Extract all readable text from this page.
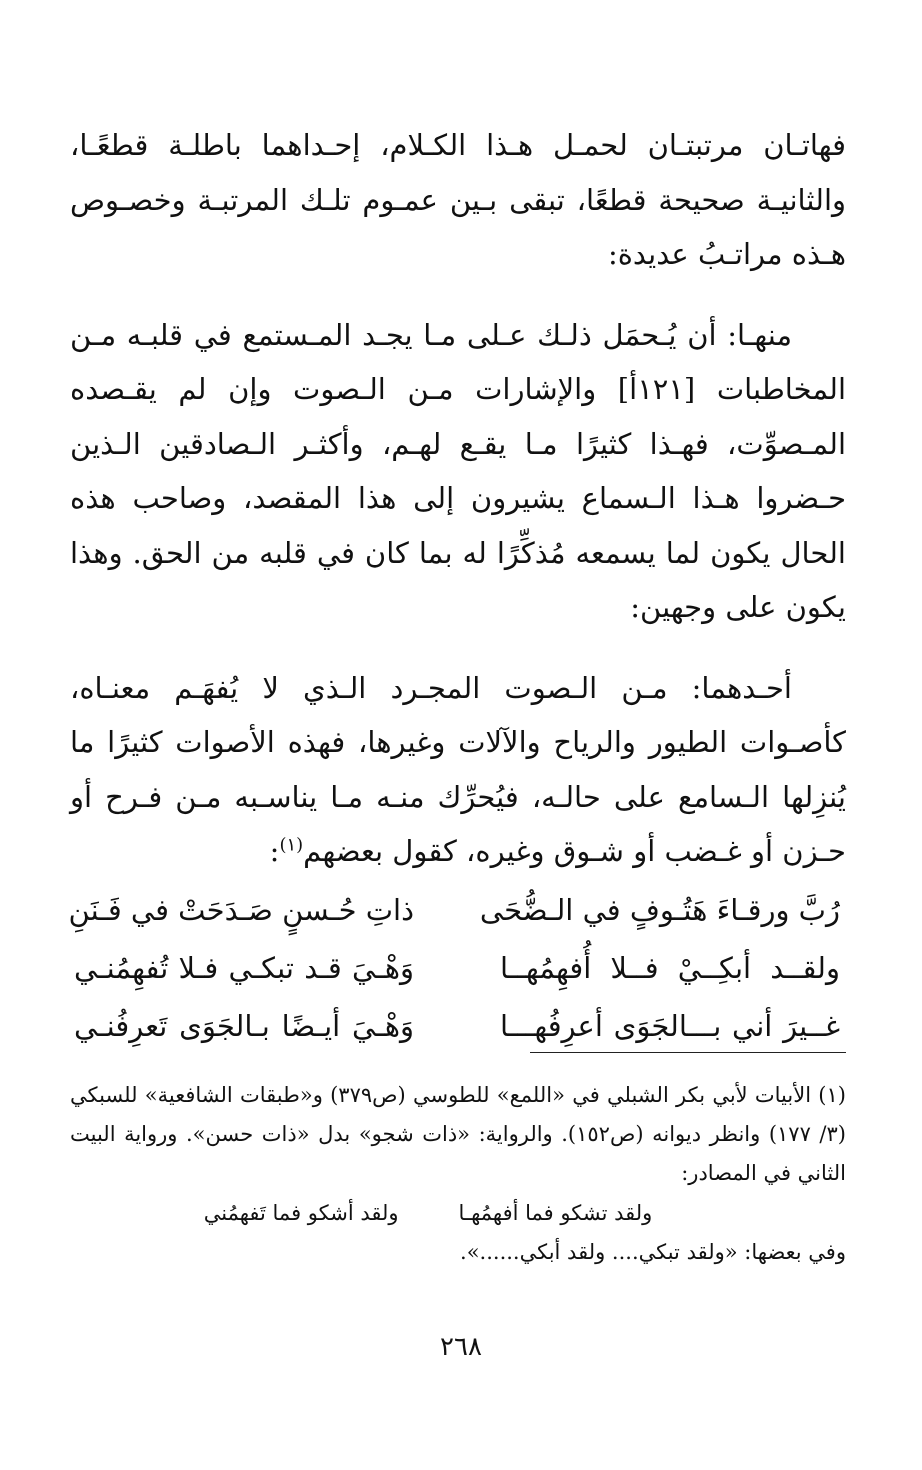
فهاتـان مرتبتـان لحمـل هـذا الكـلام، إحـداهما باطلـة قطعًـا، والثانيـة صحيحة قطعًا، تبقى بـين عمـوم تلـك المرتبـة وخصـوص هـذه مراتـبُ عديدة:

منهـا: أن يُـحمَل ذلـك عـلى مـا يجـد المـستمع في قلبـه مـن المخاطبات [١٢١أ] والإشارات مـن الـصوت وإن لم يقـصده المـصوِّت، فهـذا كثيرًا مـا يقـع لهـم، وأكثـر الـصادقين الـذين حـضروا هـذا الـسماع يشيرون إلى هذا المقصد، وصاحب هذه الحال يكون لما يسمعه مُذكِّرًا له بما كان في قلبه من الحق. وهذا يكون على وجهين:

أحـدهما: مـن الـصوت المجـرد الـذي لا يُفهَـم معنـاه، كأصـوات الطيور والرياح والآلات وغيرها، فهذه الأصوات كثيرًا ما يُنزِلها الـسامع على حالـه، فيُحرِّك منـه مـا يناسـبه مـن فـرح أو حـزن أو غـضب أو شـوق وغيره، كقول بعضهم$^{(١)}$:

رُبَّ ورقـاءَ هَتُـوفٍ في الـضُّحَى
ذاتِ حُـسنٍ صَـدَحَتْ في فَـنَنِ
ولقــد أبكِــيْ فــلا أُفهِمُهــا
وَهْـيَ قـد تبكـي فـلا تُفهِمُنـي
غــيرَ أني بـــالجَوَى أعرِفُهـــا
وَهْـيَ أيـضًا بـالجَوَى تَعرِفُنـي

(١) الأبيات لأبي بكر الشبلي في «اللمع» للطوسي (ص٣٧٩) و«طبقات الشافعية» للسبكي (٣/ ١٧٧) وانظر ديوانه (ص١٥٢). والرواية: «ذات شجو» بدل «ذات حسن». ورواية البيت الثاني في المصادر:

ولقد تشكو فما أفهمُهـا
ولقد أشكو فما تَفهمُني

وفي بعضها: «ولقد تبكي.... ولقد أبكي......».

٢٦٨
